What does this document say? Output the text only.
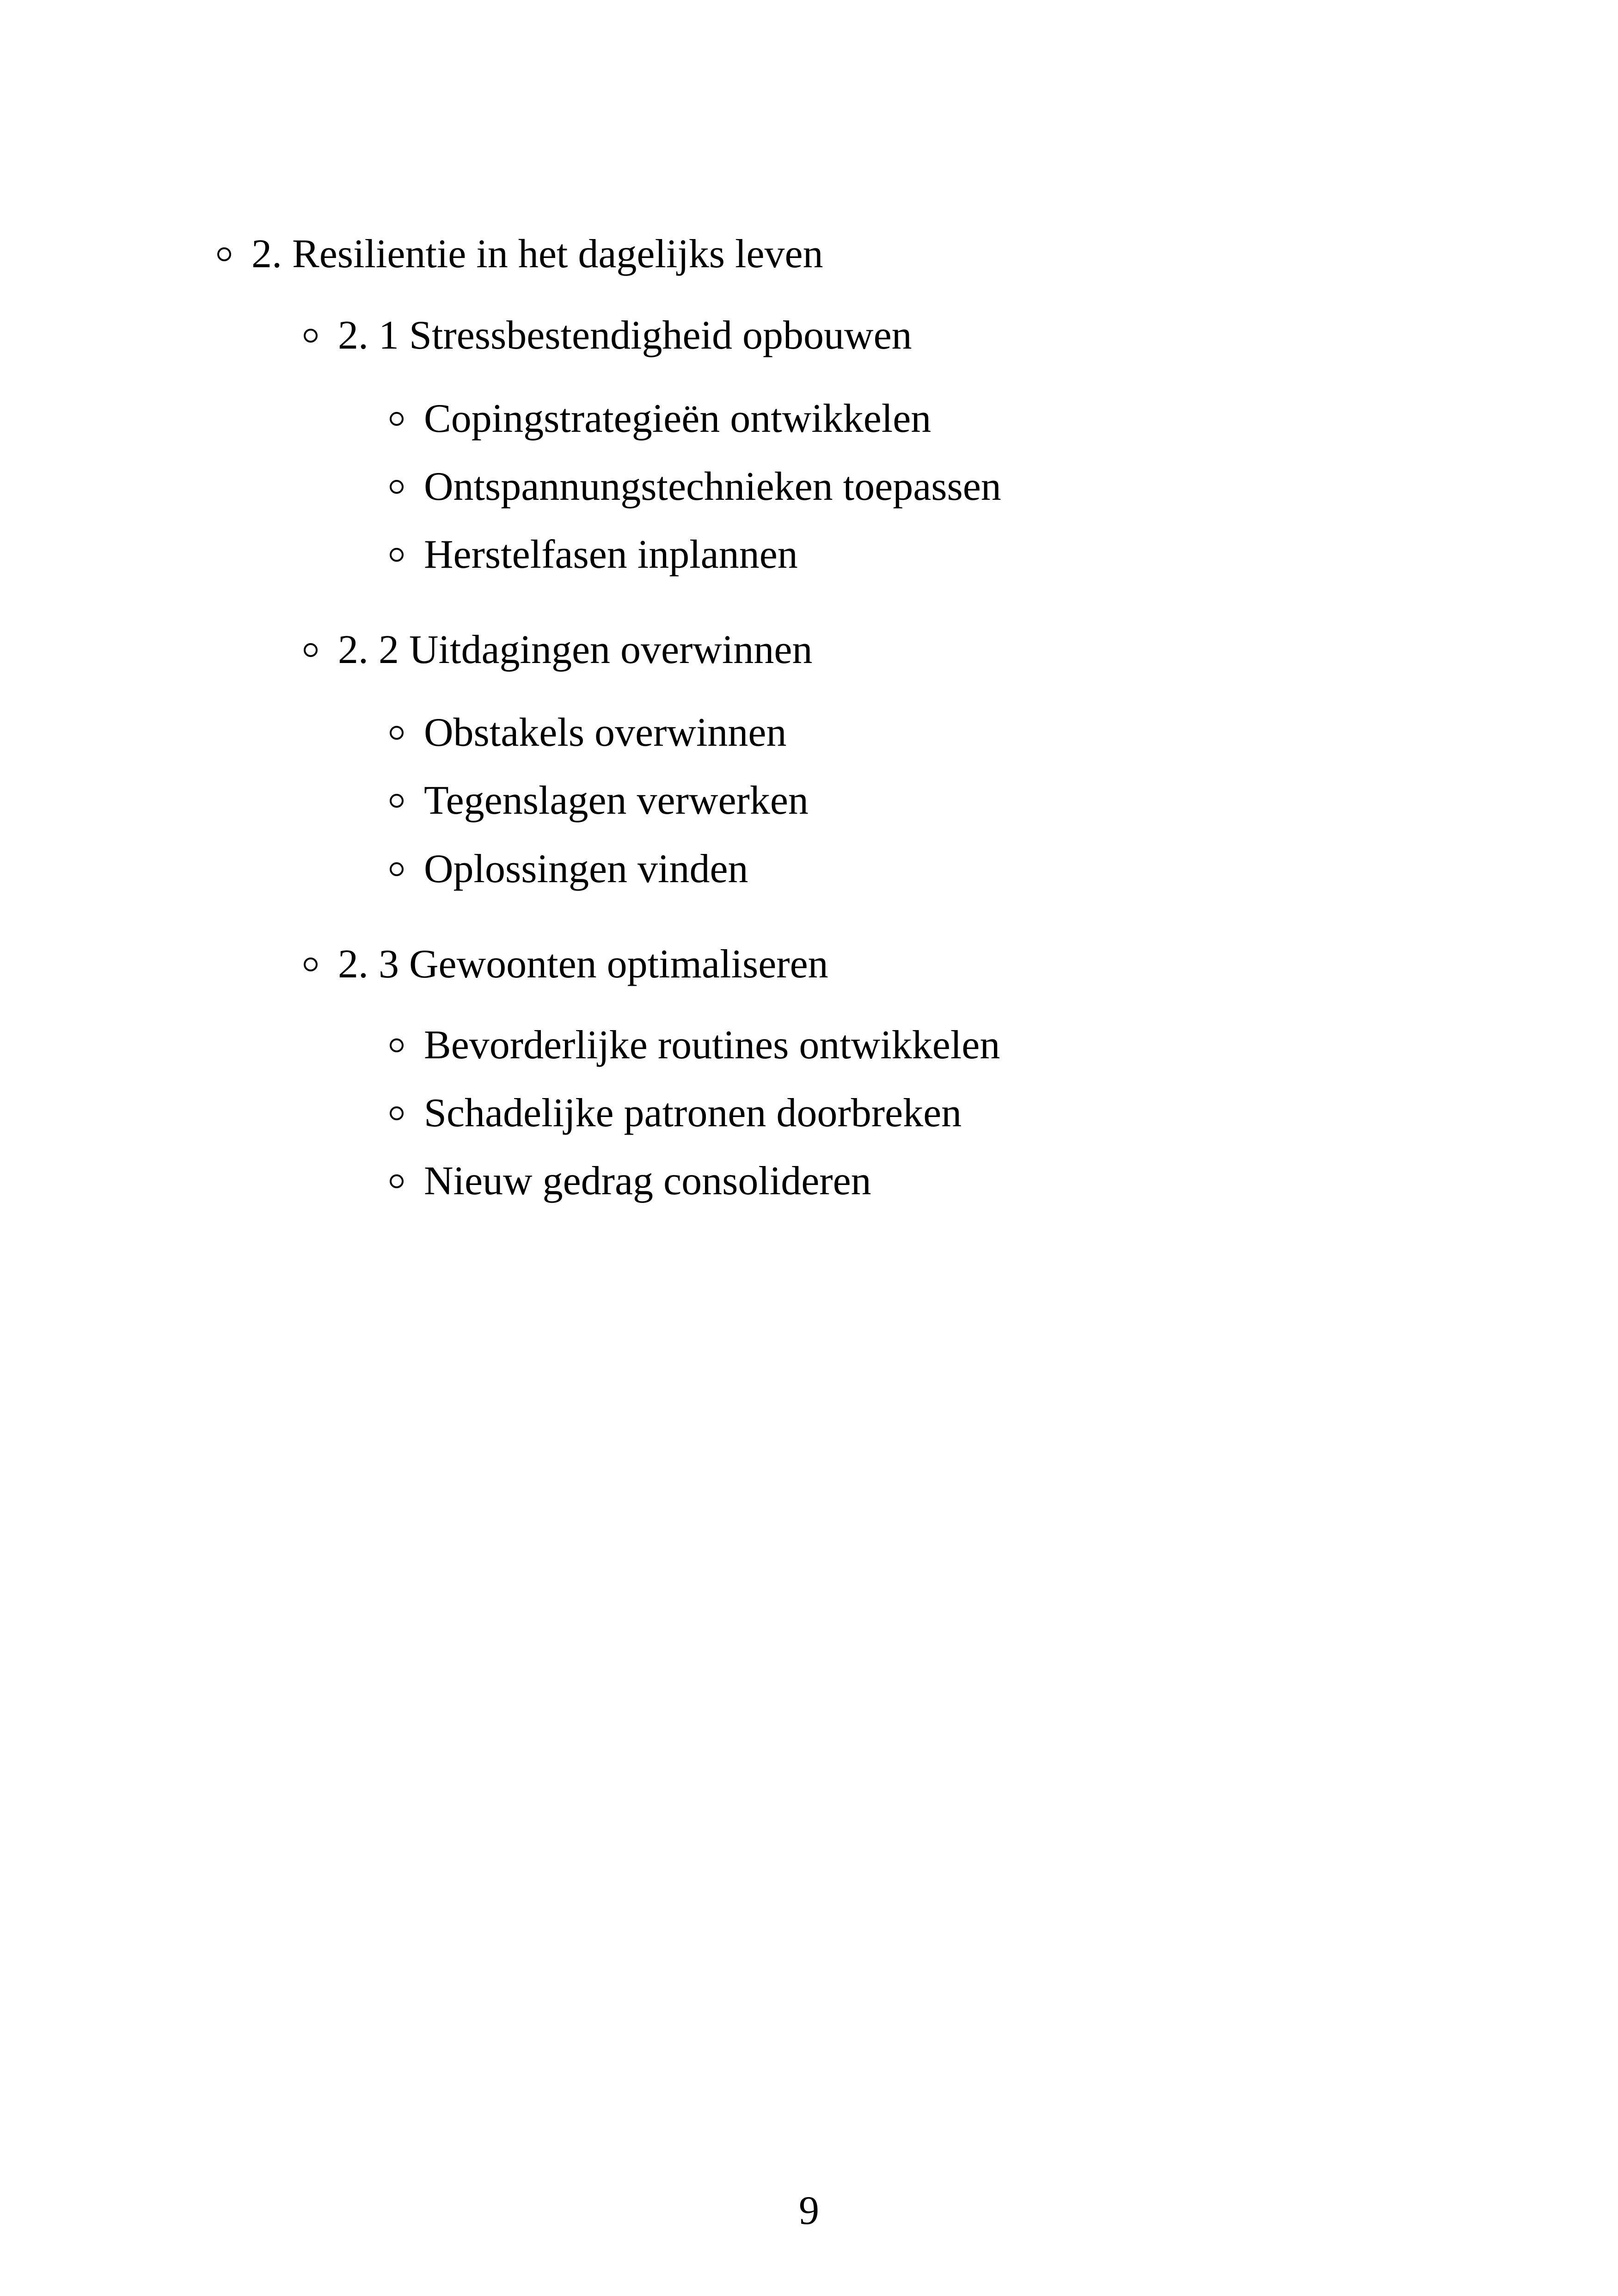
2. Resilientie in het dagelijks leven
2. 1 Stressbestendigheid opbouwen
Copingstrategieën ontwikkelen
Ontspannungstechnieken toepassen
Herstelfasen inplannen
2. 2 Uitdagingen overwinnen
Obstakels overwinnen
Tegenslagen verwerken
Oplossingen vinden
2. 3 Gewoonten optimaliseren
Bevorderlijke routines ontwikkelen
Schadelijke patronen doorbreken
Nieuw gedrag consolideren
9
